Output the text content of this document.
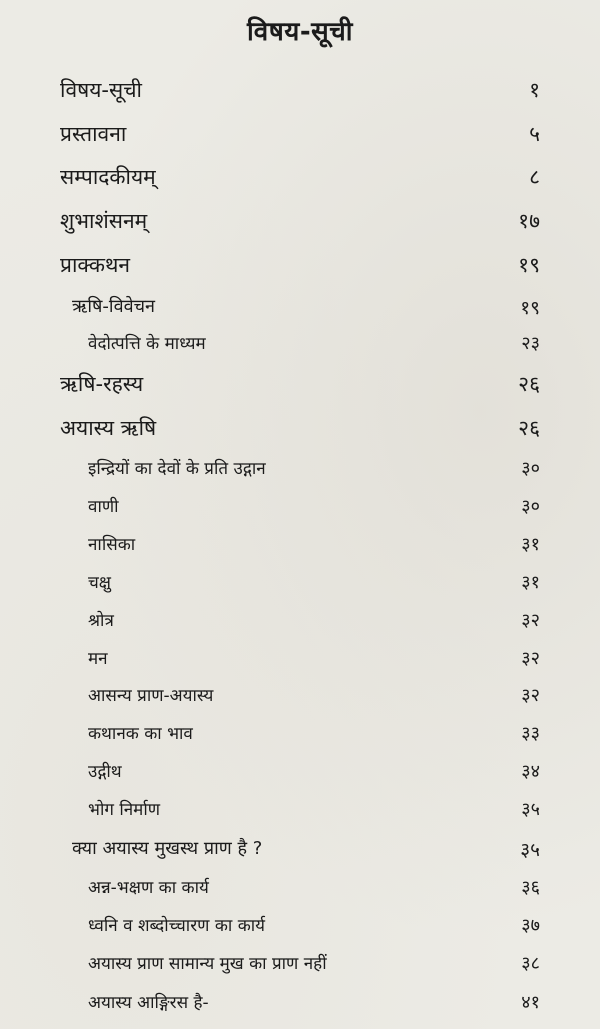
विषय-सूची
विषय-सूची	१
प्रस्तावना	५
सम्पादकीयम्	८
शुभाशंसनम्	१७
प्राक्कथन	१९
ऋषि-विवेचन	१९
वेदोत्पत्ति के माध्यम	२३
ऋषि-रहस्य	२६
अयास्य ऋषि	२६
इन्द्रियों का देवों के प्रति उद्गान	३०
वाणी	३०
नासिका	३१
चक्षु	३१
श्रोत्र	३२
मन	३२
आसन्य प्राण-अयास्य	३२
कथानक का भाव	३३
उद्गीथ	३४
भोग निर्माण	३५
क्या अयास्य मुखस्थ प्राण है ?	३५
अन्न-भक्षण का कार्य	३६
ध्वनि व शब्दोच्चारण का कार्य	३७
अयास्य प्राण सामान्य मुख का प्राण नहीं	३८
अयास्य आङ्गिरस है-	४१
